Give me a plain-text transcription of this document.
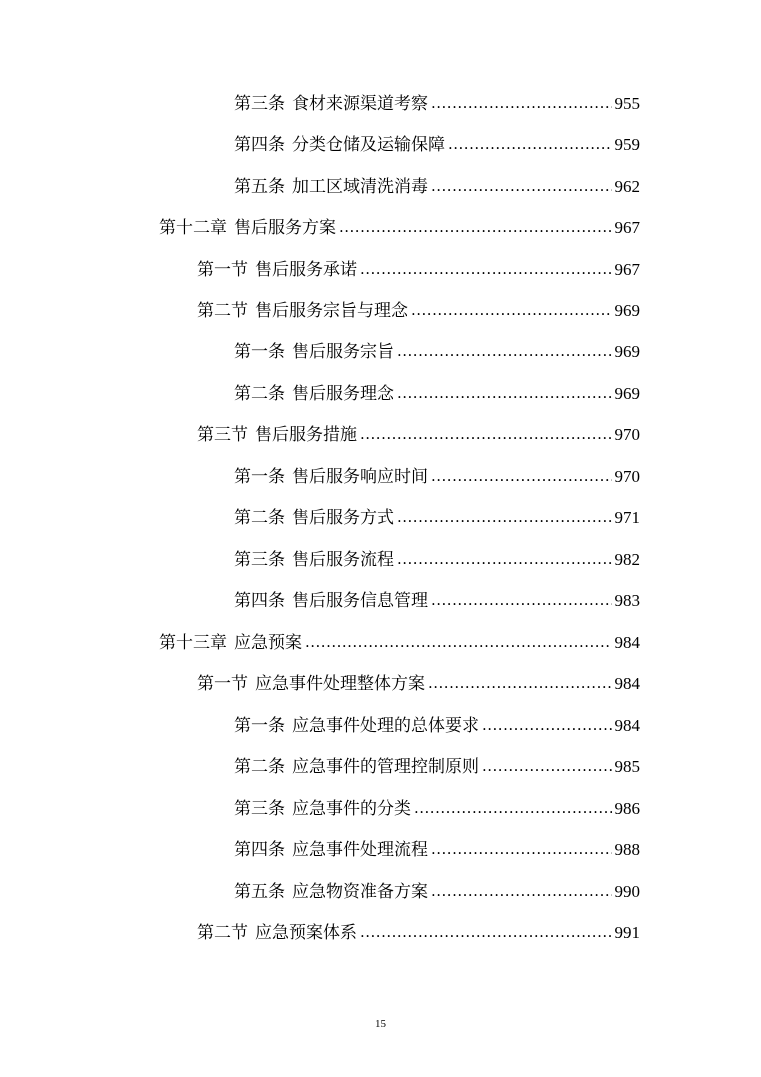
第三条 食材来源渠道考察 .....	955
第四条 分类仓储及运输保障 .....	959
第五条 加工区域清洗消毒 .....	962
第十二章 售后服务方案 .....	967
第一节 售后服务承诺 .....	967
第二节 售后服务宗旨与理念 .....	969
第一条 售后服务宗旨 .....	969
第二条 售后服务理念 .....	969
第三节 售后服务措施 .....	970
第一条 售后服务响应时间 .....	970
第二条 售后服务方式 .....	971
第三条 售后服务流程 .....	982
第四条 售后服务信息管理 .....	983
第十三章 应急预案 .....	984
第一节 应急事件处理整体方案 .....	984
第一条 应急事件处理的总体要求 .....	984
第二条 应急事件的管理控制原则 .....	985
第三条 应急事件的分类 .....	986
第四条 应急事件处理流程 .....	988
第五条 应急物资准备方案 .....	990
第二节 应急预案体系 .....	991
15
